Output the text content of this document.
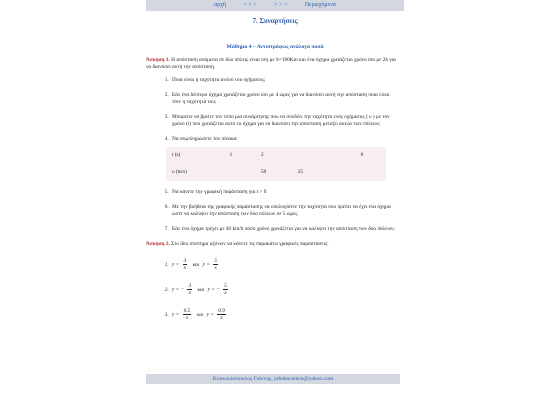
αρχή	< < <	> > >	Περιεχόμενα
7. Συναρτήσεις
Μάθημα 4 – Αντιστρόφως ανάλογα ποσά

Άσκηση 1. Η απόσταση ανάμεσα σε δύο πόλεις είναι ίση με S=100Km και ένα όχημα χρειάζεται χρόνο ίσο με 2h για να διανύσει αυτή την απόσταση.

1. Ποια είναι η ταχύτητα αυτού του οχήματος;
2. Εάν ένα δεύτερο όχημα χρειάζεται χρόνο ίσο με 4 ώρες για να διανύσει αυτή την απόσταση ποια είναι τότε η ταχύτητά του;
3. Μπορείτε να βρείτε τον τύπο μια συνάρτησης που να συνδέει την ταχύτητα ενός οχήματος ( υ ) με τον χρόνο (t) που χρειάζεται αυτό το όχημα για να διανύσει την απόσταση μεταξύ αυτών των πόλεων;
4. Να συμπληρώσετε τον πίνακα:
t (s)	1	2			0
υ (m/s)		50	25		
5. Να κάνετε την γραφική παράσταση για t > 0
6. Με την βοήθεια της γραφικής παράστασης να υπολογίσετε την ταχύτητα που πρέπει να έχει ένα όχημα ώστε να καλύψει την απόσταση των δύο πόλεων σε 5 ώρες.
7. Εάν ένα όχημα τρέχει με 40 km/h πόσο χρόνο χρειάζεται για να καλύψει την απόσταση των δύο πόλεων;

Άσκηση 2. Στο ίδιο σύστημα αξόνων να κάνετε τις παρακάτω γραφικές παραστάσεις:

1. $y = \frac{3}{x}$ και $y = \frac{5}{x}$
2. y = − $\frac{3}{x}$ και y = − $\frac{5}{x}$
3. $y = \frac{0.5}{x}$ και $y = \frac{0.9}{x}$
Κουκουλόπουλος Γιάννης, johnkscience@yahoo.com
